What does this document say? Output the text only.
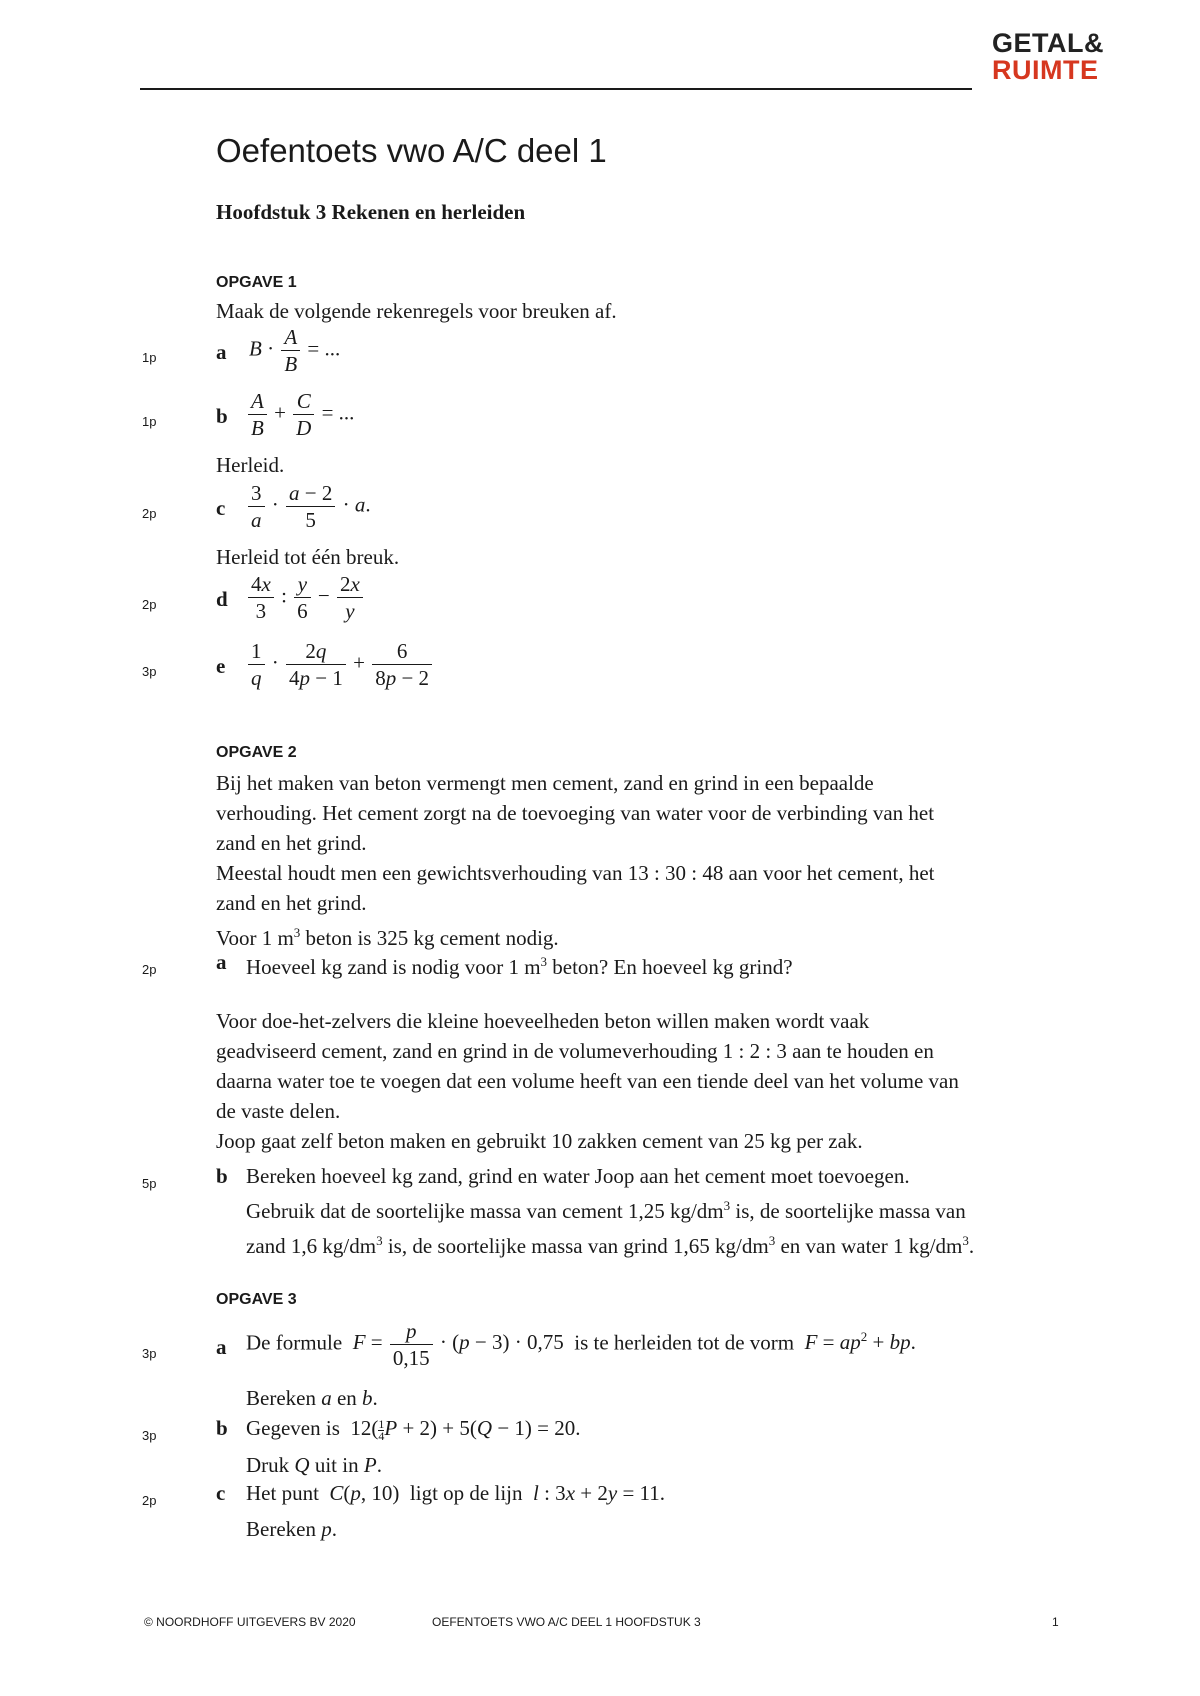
GETAL&
RUIMTE
Oefentoets vwo A/C deel 1
Hoofdstuk 3 Rekenen en herleiden
OPGAVE 1
Maak de volgende rekenregels voor breuken af.
1p	a $B \cdot \frac{A}{B}$ = ...
1p	b $\frac{A}{B} + \frac{C}{D}$ = ...
Herleid.
2p	c $\frac{3}{a} \cdot \frac{a - 2}{5} \cdot a$.
Herleid tot één breuk.
2p	d $\frac{4x}{3}$ : $\frac{y}{6} - \frac{2x}{y}$
3p	e $\frac{1}{q} \cdot \frac{2q}{4p - 1} + \frac{6}{8p - 2}$
OPGAVE 2
Bij het maken van beton vermengt men cement, zand en grind in een bepaalde
verhouding. Het cement zorgt na de toevoeging van water voor de verbinding van het
zand en het grind.
Meestal houdt men een gewichtsverhouding van 13 : 30 : 48 aan voor het cement, het
zand en het grind.
Voor 1 $m^3$ beton is 325 kg cement nodig.
2p	a Hoeveel kg zand is nodig voor 1 $m^3$ beton? En hoeveel kg grind?
Voor doe-het-zelvers die kleine hoeveelheden beton willen maken wordt vaak
geadviseerd cement, zand en grind in de volumeverhouding 1 : 2 : 3 aan te houden en
daarna water toe te voegen dat een volume heeft van een tiende deel van het volume van
de vaste delen.
Joop gaat zelf beton maken en gebruikt 10 zakken cement van 25 kg per zak.
5p	b Bereken hoeveel kg zand, grind en water Joop aan het cement moet toevoegen.
Gebruik dat de soortelijke massa van cement 1,25 $kg/dm^3$ is, de soortelijke massa van
zand 1,6 $kg/dm^3$ is, de soortelijke massa van grind 1,65 $kg/dm^3$ en van water 1 $kg/dm^3$.
OPGAVE 3
3p	a De formule $F = \frac{p}{0,15} \cdot (p - 3) \cdot 0,75$  is te herleiden tot de vorm $F = ap^2$ + bp.
Bereken a en b.
3p	b Gegeven is  $12( \frac{1}{4}$ P + 2) + 5(Q − 1) = 20.
Druk Q uit in P.
2p	c Het punt C(p, 10)  ligt op de lijn l : 3x + 2y = 11.
Bereken p.
© NOORDHOFF UITGEVERS BV 2020	OEFENTOETS VWO A/C DEEL 1 HOOFDSTUK 3	1
